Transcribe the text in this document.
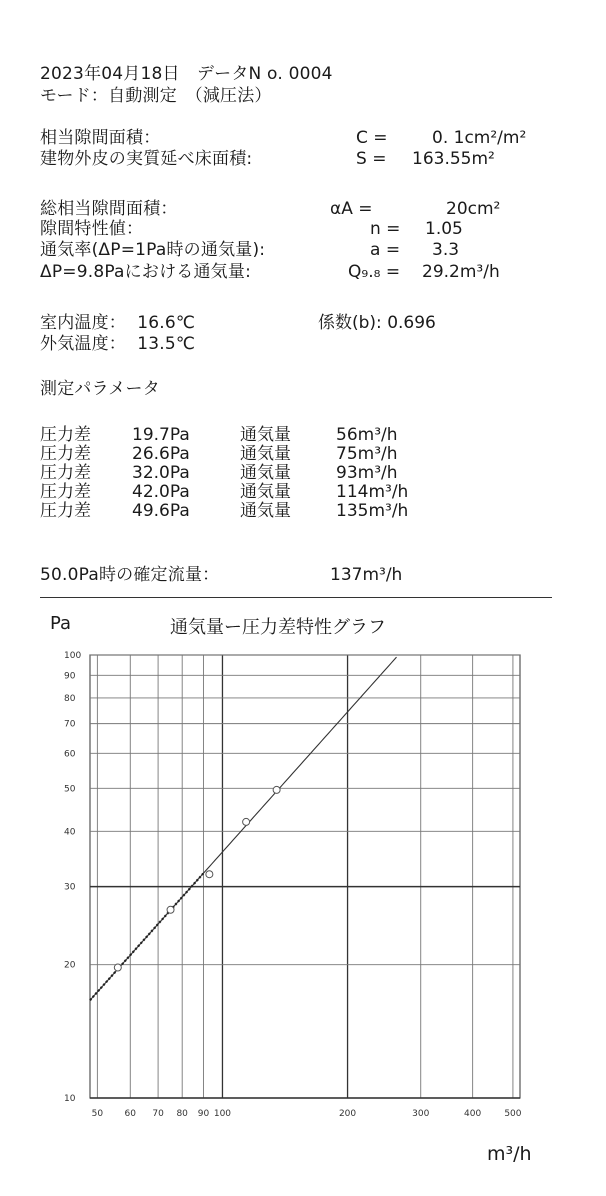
2023年04月18日　 データN o. 0004
モード：自動測定　（減圧法）
相当隙間面積：	C =	0. 1cm²/m²
建物外皮の実質延べ床面積:	S = 163.55m²
総相当隙間面積：	αA =	20cm²
隙間特性値：	n = 1.05
通気率(ΔP=1Pa時の通気量):	a = 3.3
ΔP=9.8Paにおける通気量:	Q₉.₈ = 29.2m³/h
室内温度： 16.6℃	係数(b): 0.696
外気温度： 13.5℃
測定パラメータ
圧力差 19.7Pa	通気量	56m³/h
圧力差 26.6Pa	通気量	75m³/h
圧力差 32.0Pa	通気量	93m³/h
圧力差 42.0Pa	通気量	114m³/h
圧力差 49.6Pa	通気量	135m³/h
50.0Pa時の確定流量：	137m³/h
Pa	通気量ー圧力差特性グラフ
m³/h
50 60 70 80 90 100	200	300	400	500
10
20
30
40
50
60
70
80
90
100
